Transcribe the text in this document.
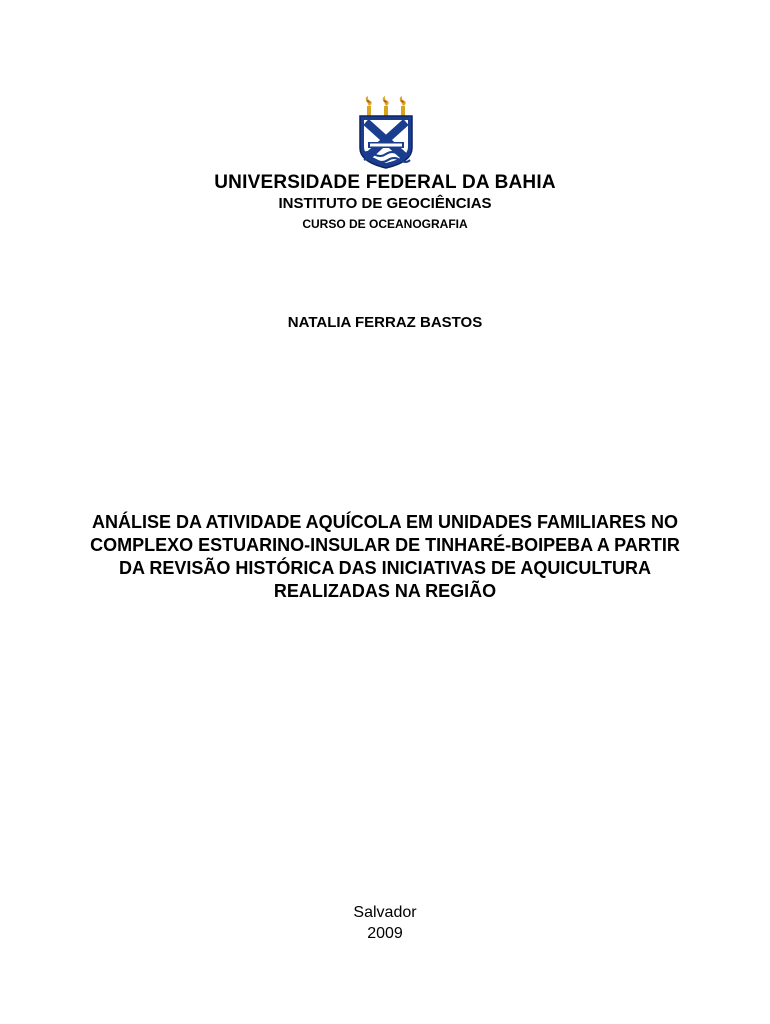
UNIVERSIDADE FEDERAL DA BAHIA
INSTITUTO DE GEOCIÊNCIAS
CURSO DE OCEANOGRAFIA
NATALIA FERRAZ BASTOS
ANÁLISE DA ATIVIDADE AQUÍCOLA EM UNIDADES FAMILIARES NO COMPLEXO ESTUARINO-INSULAR DE TINHARÉ-BOIPEBA A PARTIR DA REVISÃO HISTÓRICA DAS INICIATIVAS DE AQUICULTURA REALIZADAS NA REGIÃO
Salvador
2009
